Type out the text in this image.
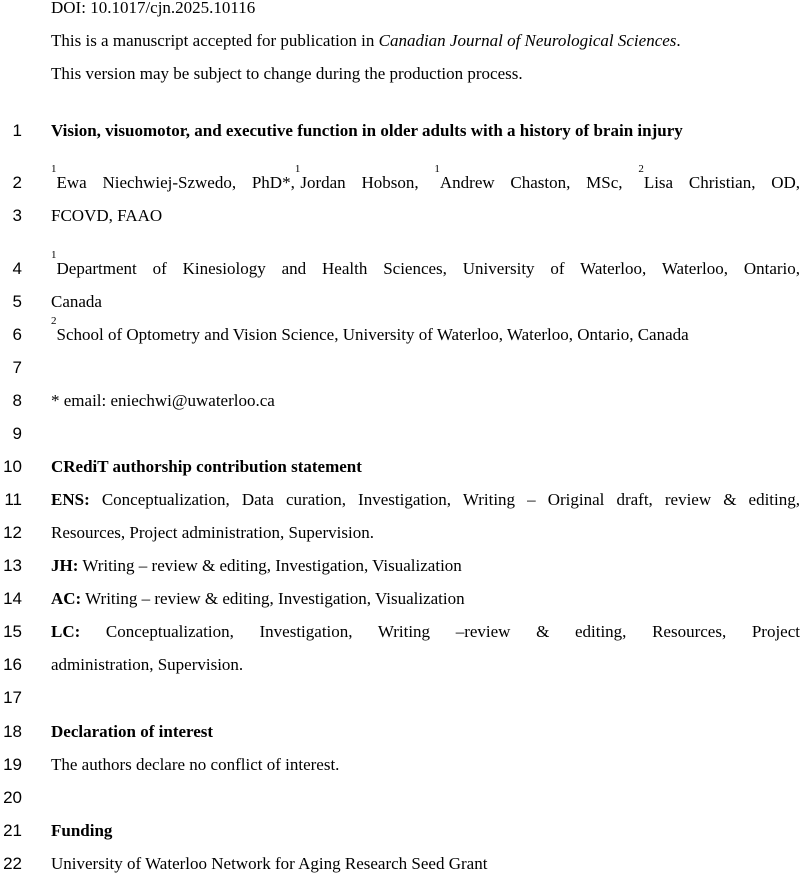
DOI: 10.1017/cjn.2025.10116
This is a manuscript accepted for publication in Canadian Journal of Neurological Sciences.
This version may be subject to change during the production process.
1 Vision, visuomotor, and executive function in older adults with a history of brain injury
2
$^1$Ewa Niechwiej-Szwedo, PhD*,$^1$Jordan Hobson, $^1$Andrew Chaston, MSc, $^2$Lisa Christian, OD,
3 FCOVD, FAAO
4
$^1$Department of Kinesiology and Health Sciences, University of Waterloo, Waterloo, Ontario,
5 Canada
6
$^2$School of Optometry and Vision Science, University of Waterloo, Waterloo, Ontario, Canada
7
8 * email: eniechwi@uwaterloo.ca
9
10 CRediT authorship contribution statement
11 ENS: Conceptualization, Data curation, Investigation, Writing – Original draft, review & editing,
12 Resources, Project administration, Supervision.
13 JH: Writing – review & editing, Investigation, Visualization
14 AC: Writing – review & editing, Investigation, Visualization
15 LC: Conceptualization, Investigation, Writing –review & editing, Resources, Project
16 administration, Supervision.
17
18 Declaration of interest
19 The authors declare no conflict of interest.
20
21 Funding
22 University of Waterloo Network for Aging Research Seed Grant
